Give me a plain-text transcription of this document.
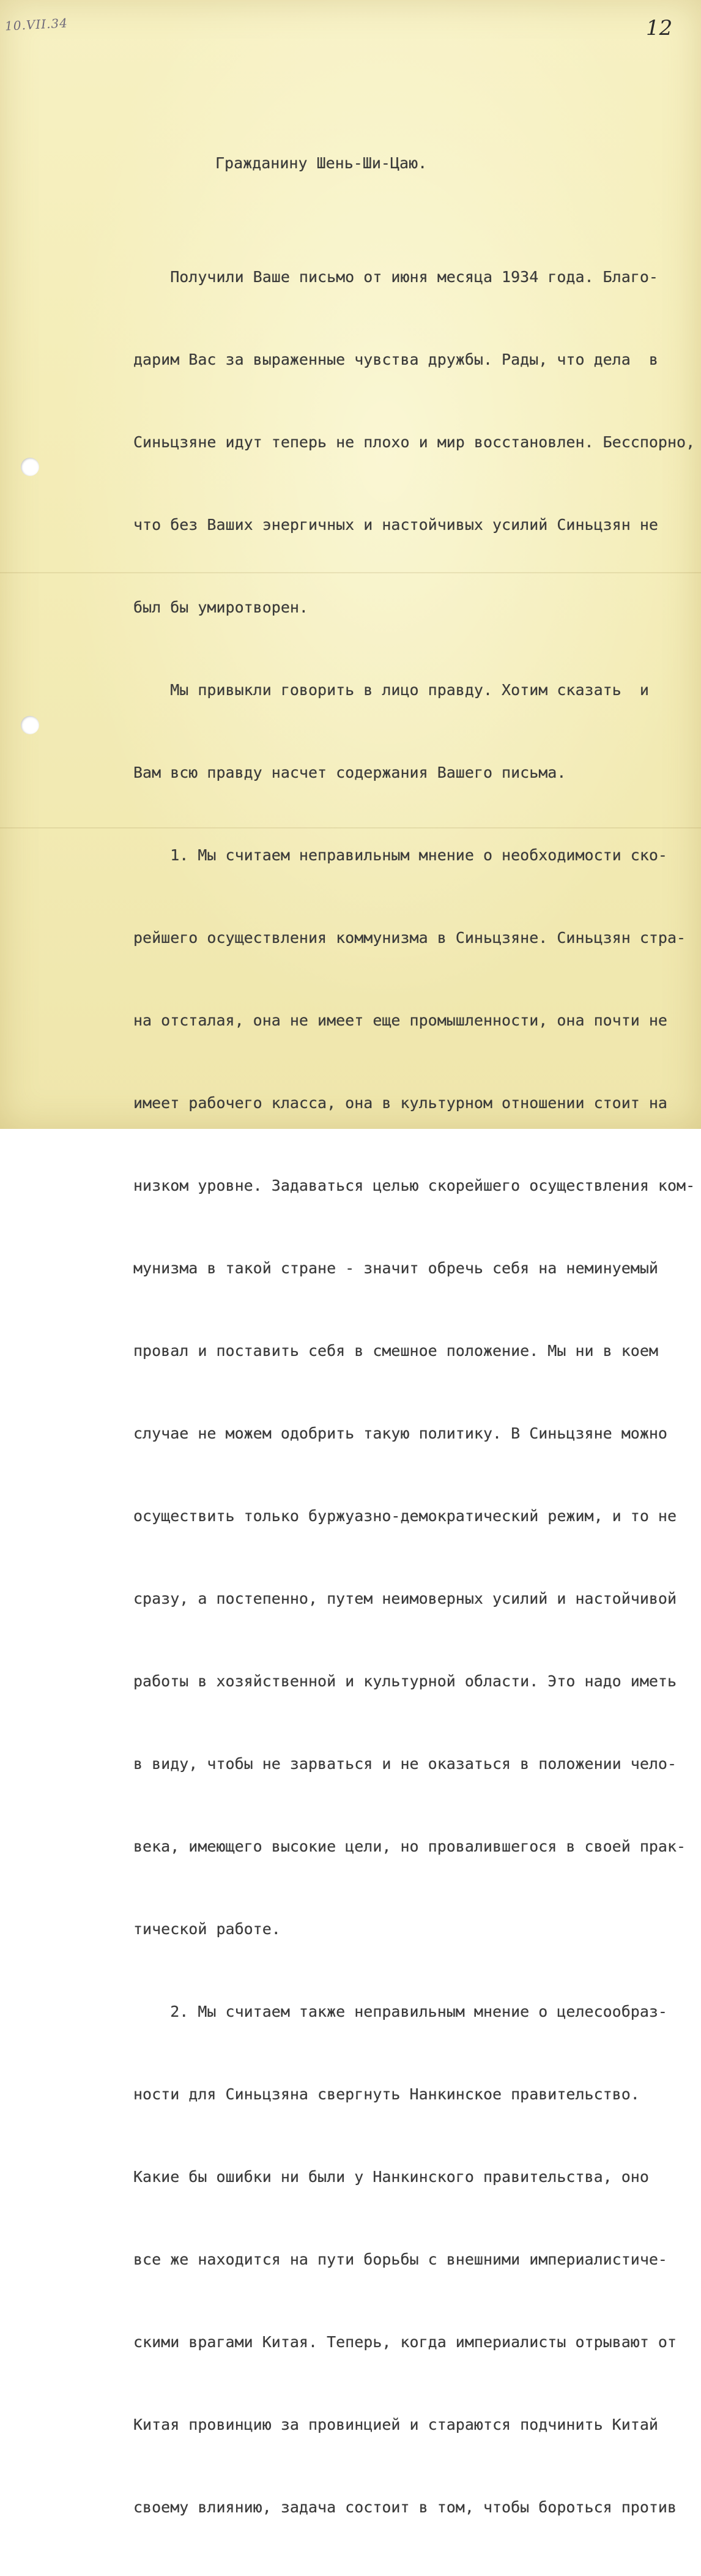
10.VII.34	12
Гражданину Шень-Ши-Цаю.

Получили Ваше письмо от июня месяца 1934 года. Благо-

дарим Вас за выраженные чувства дружбы. Рады, что дела  в

Синьцзяне идут теперь не плохо и мир восстановлен. Бесспорно,

что без Ваших энергичных и настойчивых усилий Синьцзян не

был бы умиротворен.

Мы привыкли говорить в лицо правду. Хотим сказать  и

Вам всю правду насчет содержания Вашего письма.

1. Мы считаем неправильным мнение о необходимости ско-

рейшего осуществления коммунизма в Синьцзяне. Синьцзян стра-

на отсталая, она не имеет еще промышленности, она почти не

имеет рабочего класса, она в культурном отношении стоит на

низком уровне. Задаваться целью скорейшего осуществления ком-

мунизма в такой стране - значит обречь себя на неминуемый

провал и поставить себя в смешное положение. Мы ни в коем

случае не можем одобрить такую политику. В Синьцзяне можно

осуществить только буржуазно-демократический режим, и то не

сразу, а постепенно, путем неимоверных усилий и настойчивой

работы в хозяйственной и культурной области. Это надо иметь

в виду, чтобы не зарваться и не оказаться в положении чело-

века, имеющего высокие цели, но провалившегося в своей прак-

тической работе.

2. Мы считаем также неправильным мнение о целесообраз-

ности для Синьцзяна свергнуть Нанкинское правительство.

Какие бы ошибки ни были у Нанкинского правительства, оно

все же находится на пути борьбы с внешними империалистиче-

скими врагами Китая. Теперь, когда империалисты отрывают от

Китая провинцию за провинцией и стараются подчинить Китай

своему влиянию, задача состоит в том, чтобы бороться против
